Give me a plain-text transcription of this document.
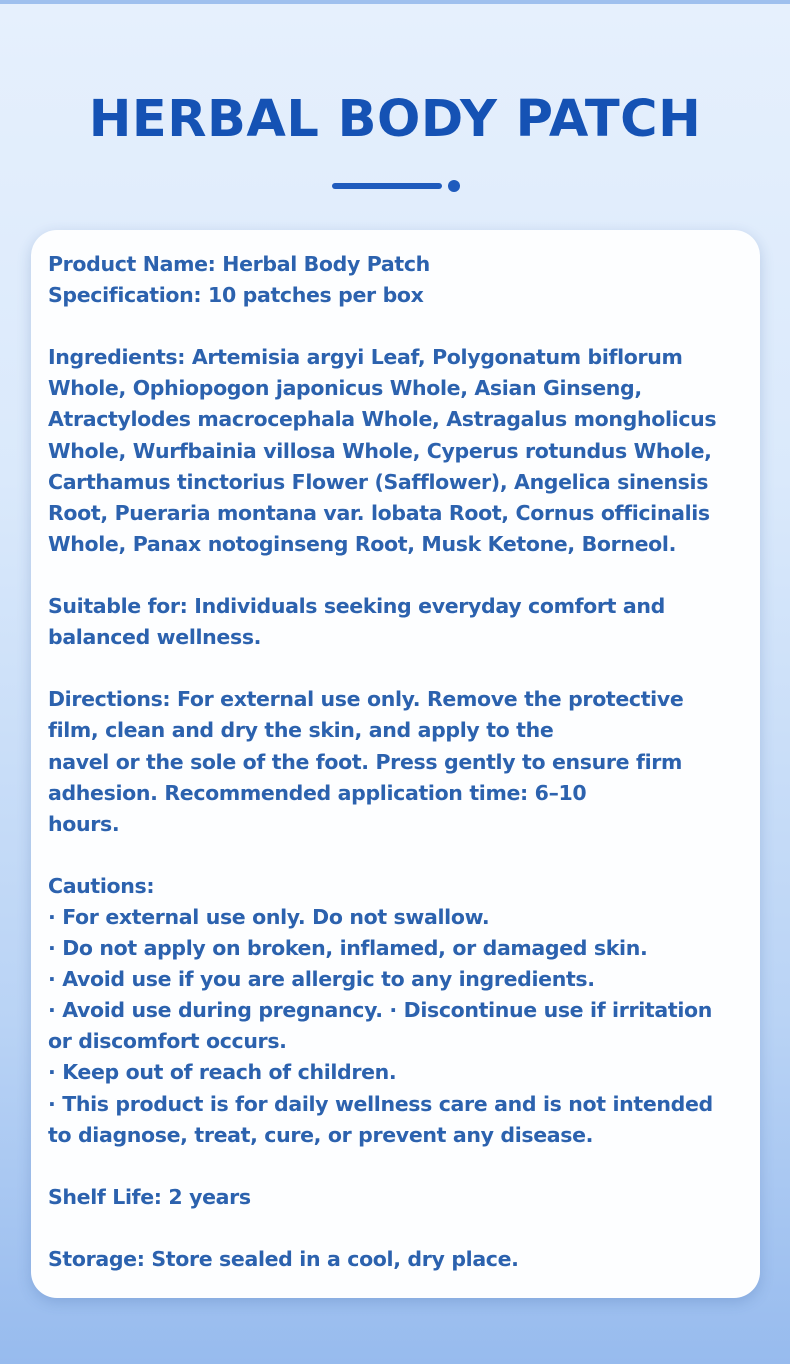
HERBAL BODY PATCH
Product Name: Herbal Body Patch
Specification: 10 patches per box
Ingredients: Artemisia argyi Leaf, Polygonatum biflorum
Whole, Ophiopogon japonicus Whole, Asian Ginseng,
Atractylodes macrocephala Whole, Astragalus mongholicus
Whole, Wurfbainia villosa Whole, Cyperus rotundus Whole,
Carthamus tinctorius Flower (Safflower), Angelica sinensis
Root, Pueraria montana var. lobata Root, Cornus officinalis
Whole, Panax notoginseng Root, Musk Ketone, Borneol.
Suitable for: Individuals seeking everyday comfort and
balanced wellness.
Directions: For external use only. Remove the protective
film, clean and dry the skin, and apply to the
navel or the sole of the foot. Press gently to ensure firm
adhesion. Recommended application time: 6–10
hours.
Cautions:
· For external use only. Do not swallow.
· Do not apply on broken, inflamed, or damaged skin.
· Avoid use if you are allergic to any ingredients.
· Avoid use during pregnancy. · Discontinue use if irritation
or discomfort occurs.
· Keep out of reach of children.
· This product is for daily wellness care and is not intended
to diagnose, treat, cure, or prevent any disease.
Shelf Life: 2 years
Storage: Store sealed in a cool, dry place.
